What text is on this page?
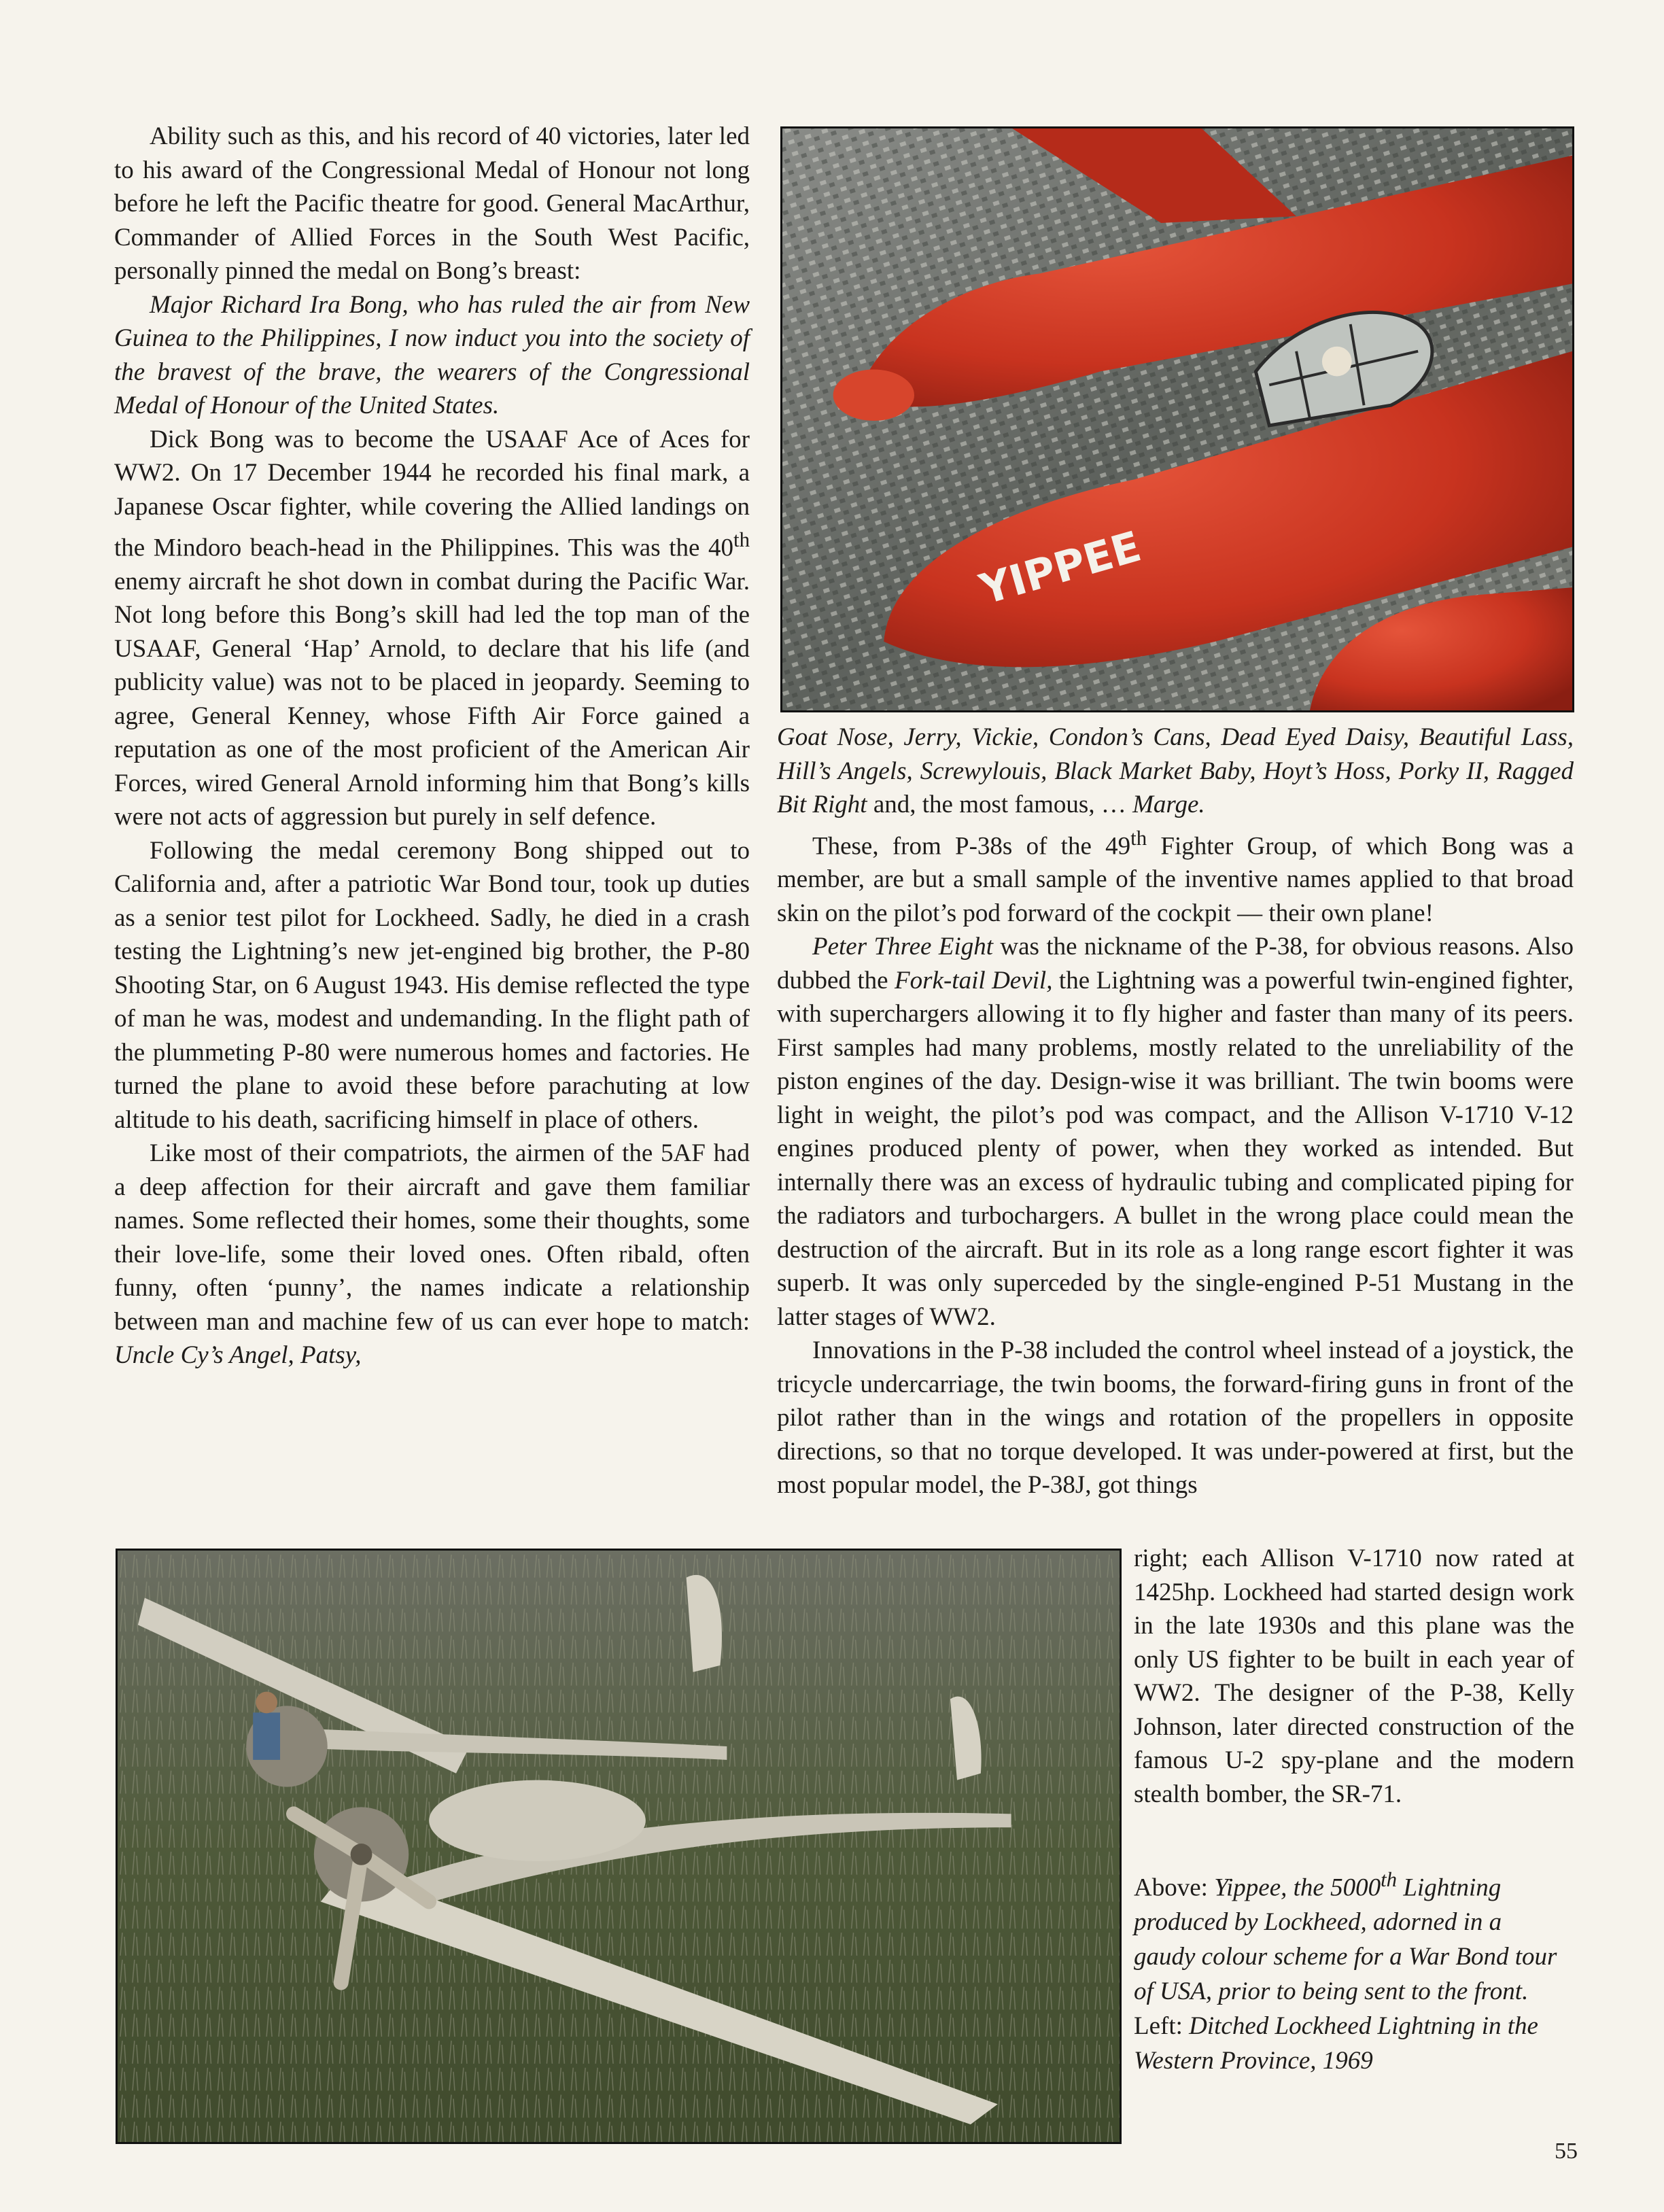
Ability such as this, and his record of 40 victories, later led to his award of the Congressional Medal of Honour not long before he left the Pacific theatre for good. General MacArthur, Commander of Allied Forces in the South West Pacific, personally pinned the medal on Bong’s breast:

Major Richard Ira Bong, who has ruled the air from New Guinea to the Philippines, I now induct you into the society of the bravest of the brave, the wearers of the Congressional Medal of Honour of the United States.

Dick Bong was to become the USAAF Ace of Aces for WW2. On 17 December 1944 he recorded his final mark, a Japanese Oscar fighter, while covering the Allied landings on the Mindoro beach-head in the Philippines. This was the 40th enemy aircraft he shot down in combat during the Pacific War. Not long before this Bong’s skill had led the top man of the USAAF, General ‘Hap’ Arnold, to declare that his life (and publicity value) was not to be placed in jeopardy. Seeming to agree, General Kenney, whose Fifth Air Force gained a reputation as one of the most proficient of the American Air Forces, wired General Arnold informing him that Bong’s kills were not acts of aggression but purely in self defence.

Following the medal ceremony Bong shipped out to California and, after a patriotic War Bond tour, took up duties as a senior test pilot for Lockheed. Sadly, he died in a crash testing the Lightning’s new jet-engined big brother, the P-80 Shooting Star, on 6 August 1943. His demise reflected the type of man he was, modest and undemanding. In the flight path of the plummeting P-80 were numerous homes and factories. He turned the plane to avoid these before parachuting at low altitude to his death, sacrificing himself in place of others.

Like most of their compatriots, the airmen of the 5AF had a deep affection for their aircraft and gave them familiar names. Some reflected their homes, some their thoughts, some their love-life, some their loved ones. Often ribald, often funny, often ‘punny’, the names indicate a relationship between man and machine few of us can ever hope to match: Uncle Cy’s Angel, Patsy,

YIPPEE

Goat Nose, Jerry, Vickie, Condon’s Cans, Dead Eyed Daisy, Beautiful Lass, Hill’s Angels, Screwylouis, Black Market Baby, Hoyt’s Hoss, Porky II, Ragged Bit Right and, the most famous, … Marge.

These, from P-38s of the 49th Fighter Group, of which Bong was a member, are but a small sample of the inventive names applied to that broad skin on the pilot’s pod forward of the cockpit — their own plane!

Peter Three Eight was the nickname of the P-38, for obvious reasons. Also dubbed the Fork-tail Devil, the Lightning was a powerful twin-engined fighter, with superchargers allowing it to fly higher and faster than many of its peers. First samples had many problems, mostly related to the unreliability of the piston engines of the day. Design-wise it was brilliant. The twin booms were light in weight, the pilot’s pod was compact, and the Allison V-1710 V-12 engines produced plenty of power, when they worked as intended. But internally there was an excess of hydraulic tubing and complicated piping for the radiators and turbochargers. A bullet in the wrong place could mean the destruction of the aircraft. But in its role as a long range escort fighter it was superb. It was only superceded by the single-engined P-51 Mustang in the latter stages of WW2.

Innovations in the P-38 included the control wheel instead of a joystick, the tricycle undercarriage, the twin booms, the forward-firing guns in front of the pilot rather than in the wings and rotation of the propellers in opposite directions, so that no torque developed. It was under-powered at first, but the most popular model, the P-38J, got things

right; each Allison V-1710 now rated at 1425hp. Lockheed had started design work in the late 1930s and this plane was the only US fighter to be built in each year of WW2. The designer of the P-38, Kelly Johnson, later directed construction of the famous U-2 spy-plane and the modern stealth bomber, the SR-71.

Above: Yippee, the 5000th Lightning produced by Lockheed, adorned in a gaudy colour scheme for a War Bond tour of USA, prior to being sent to the front.
Left: Ditched Lockheed Lightning in the Western Province, 1969
55
